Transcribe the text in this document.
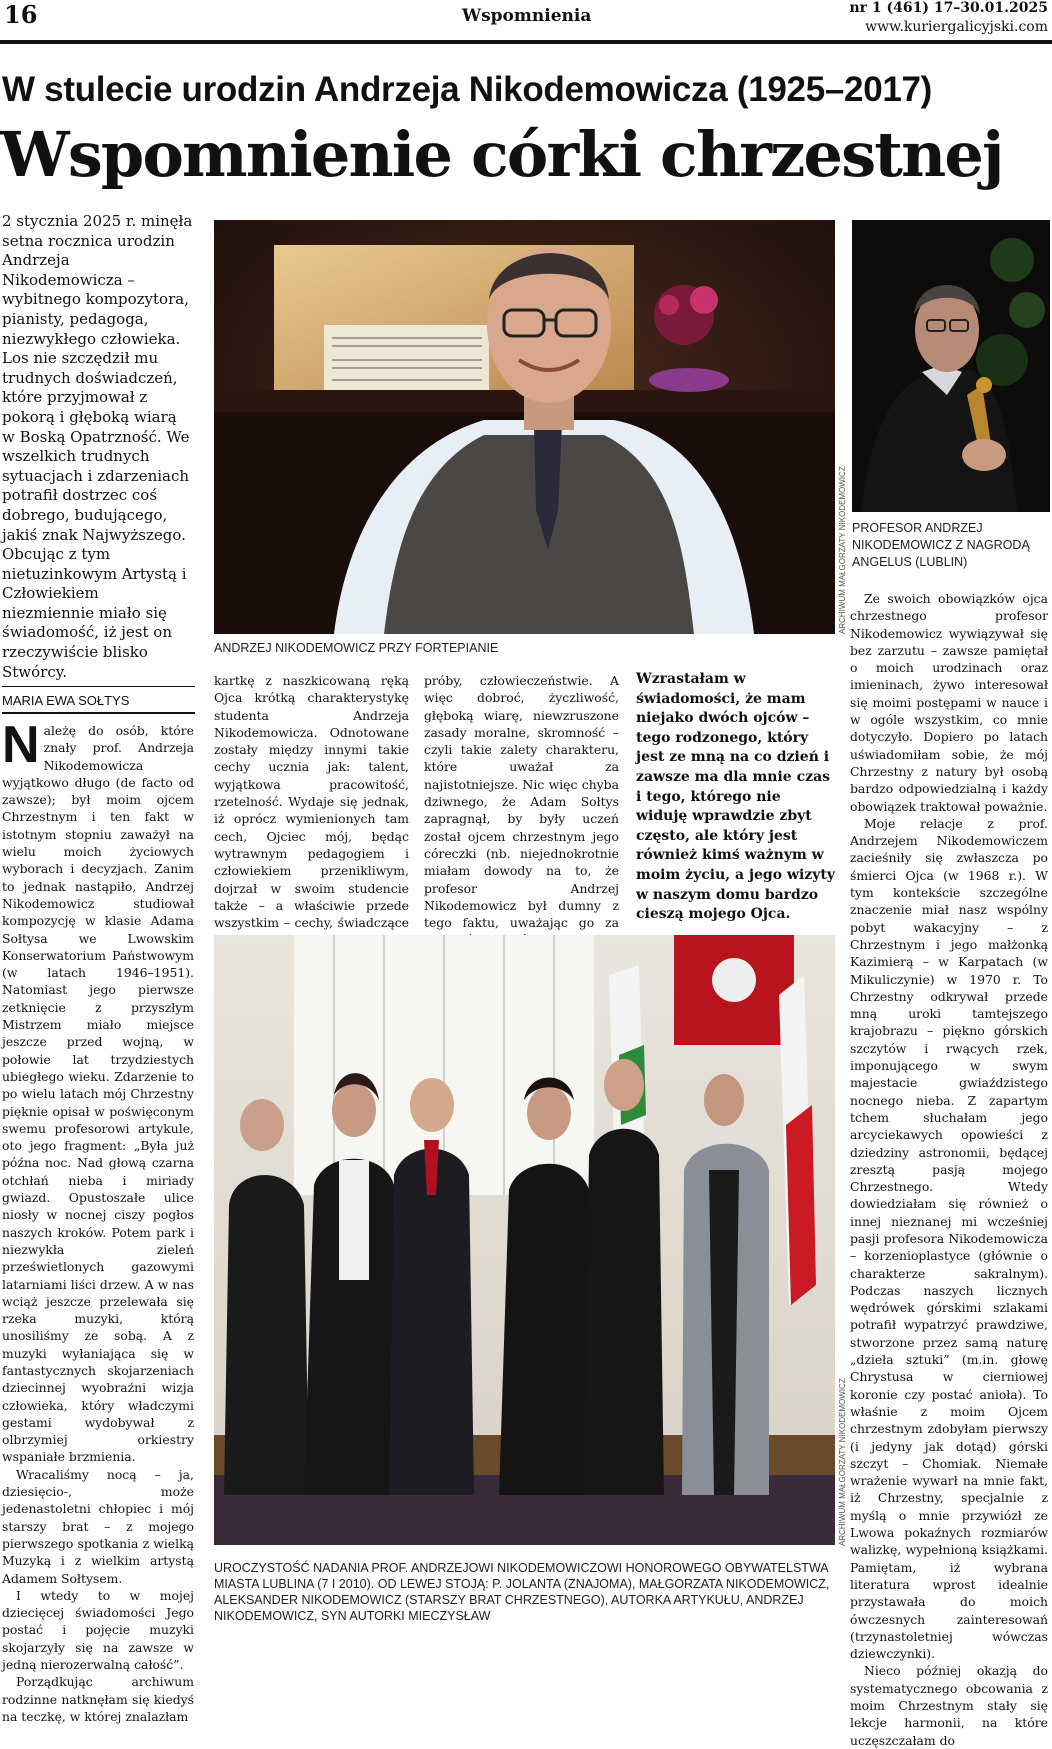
16	Wspomnienia	nr 1 (461) 17–30.01.2025
www.kuriergalicyjski.com
W stulecie urodzin Andrzeja Nikodemowicza (1925–2017)
Wspomnienie córki chrzestnej
2 stycznia 2025 r. minęła setna rocznica urodzin Andrzeja Nikodemowicza – wybitnego kompozytora, pianisty, pedagoga, niezwykłego człowieka. Los nie szczędził mu trudnych doświadczeń, które przyjmował z pokorą i głęboką wiarą w Boską Opatrzność. We wszelkich trudnych sytuacjach i zdarzeniach potrafił dostrzec coś dobrego, budującego, jakiś znak Najwyższego. Obcując z tym nietuzinkowym Artystą i Człowiekiem niezmiennie miało się świadomość, iż jest on rzeczywiście blisko Stwórcy.
MARIA EWA SOŁTYS

Należę do osób, które znały prof. Andrzeja Nikodemowicza wyjątkowo długo (de facto od zawsze); był moim ojcem Chrzestnym i ten fakt w istotnym stopniu zaważył na wielu moich życiowych wyborach i decyzjach. Zanim to jednak nastąpiło, Andrzej Nikodemowicz studiował kompozycję w klasie Adama Sołtysa we Lwowskim Konserwatorium Państwowym (w latach 1946–1951). Natomiast jego pierwsze zetknięcie z przyszłym Mistrzem miało miejsce jeszcze przed wojną, w połowie lat trzydziestych ubiegłego wieku. Zdarzenie to po wielu latach mój Chrzestny pięknie opisał w poświęconym swemu profesorowi artykule, oto jego fragment: „Była już późna noc. Nad głową czarna otchłań nieba i miriady gwiazd. Opustoszałe ulice niosły w nocnej ciszy pogłos naszych kroków. Potem park i niezwykła zieleń prześwietlonych gazowymi latarniami liści drzew. A w nas wciąż jeszcze przelewała się rzeka muzyki, którą unosiliśmy ze sobą. A z muzyki wyłaniająca się w fantastycznych skojarzeniach dziecinnej wyobraźni wizja człowieka, który władczymi gestami wydobywał z olbrzymiej orkiestry wspaniałe brzmienia.

Wracaliśmy nocą – ja, dziesięcio-, może jedenastoletni chłopiec i mój starszy brat – z mojego pierwszego spotkania z wielką Muzyką i z wielkim artystą Adamem Sołtysem.

I wtedy to w mojej dziecięcej świadomości Jego postać i pojęcie muzyki skojarzyły się na zawsze w jedną nierozerwalną całość”.

Porządkując archiwum rodzinne natknęłam się kiedyś na teczkę, w której znalazłam

ANDRZEJ NIKODEMOWICZ PRZY FORTEPIANIE
ARCHIWUM MAŁGORZATY NIKODEMOWICZ PROFESOR ANDRZEJ NIKODEMOWICZ Z NAGRODĄ ANGELUS (LUBLIN)

kartkę z naszkicowaną ręką Ojca krótką charakterystykę studenta Andrzeja Nikodemowicza. Odnotowane zostały między innymi takie cechy ucznia jak: talent, wyjątkowa pracowitość, rzetelność. Wydaje się jednak, iż oprócz wymienionych tam cech, Ojciec mój, będąc wytrawnym pedagogiem i człowiekiem przenikliwym, dojrzał w swoim studencie także – a właściwie przede wszystkim – cechy, świadczące

próby, człowieczeństwie. A więc dobroć, życzliwość, głęboką wiarę, niewzruszone zasady moralne, skromność – czyli takie zalety charakteru, które uważał za najistotniejsze. Nic więc chyba dziwnego, że Adam Sołtys zapragnął, by były uczeń został ojcem chrzestnym jego córeczki (nb. niejednokrotnie miałam dowody na to, że profesor Andrzej Nikodemowicz był dumny z tego faktu, uważając go za

Wzrastałam w świadomości, że mam niejako dwóch ojców – tego rodzonego, który jest ze mną na co dzień i zawsze ma dla mnie czas i tego, którego nie widuję wprawdzie zbyt często, ale który jest również kimś ważnym w moim życiu, a jego wizyty w naszym domu bardzo cieszą mojego Ojca.

Ze swoich obowiązków ojca chrzestnego profesor Nikodemowicz wywiązywał się bez zarzutu – zawsze pamiętał o moich urodzinach oraz imieninach, żywo interesował się moimi postępami w nauce i w ogóle wszystkim, co mnie dotyczyło. Dopiero po latach uświadomiłam sobie, że mój Chrzestny z natury był osobą bardzo odpowiedzialną i każdy obowiązek traktował poważnie.

Moje relacje z prof. Andrzejem Nikodemowiczem zacieśniły się zwłaszcza po śmierci Ojca (w 1968 r.). W tym kontekście szczególne znaczenie miał nasz wspólny pobyt wakacyjny – z Chrzestnym i jego małżonką Kazimierą – w Karpatach (w Mikuliczynie) w 1970 r. To Chrzestny odkrywał przede mną uroki tamtejszego krajobrazu – piękno górskich szczytów i rwących rzek, imponującego w swym majestacie gwiaździstego nocnego nieba. Z zapartym tchem słuchałam jego arcyciekawych opowieści z dziedziny astronomii, będącej zresztą pasją mojego Chrzestnego. Wtedy dowiedziałam się również o innej nieznanej mi wcześniej pasji profesora Nikodemowicza – korzenioplastyce (głównie o charakterze sakralnym). Podczas naszych licznych wędrówek górskimi szlakami potrafił wypatrzyć prawdziwe, stworzone przez samą naturę „dzieła sztuki” (m.in. głowę Chrystusa w cierniowej koronie czy postać anioła). To właśnie z moim Ojcem chrzestnym zdobyłam pierwszy (i jedyny jak dotąd) górski szczyt – Chomiak. Niemałe wrażenie wywarł na mnie fakt, iż Chrzestny, specjalnie z myślą o mnie przywiózł ze Lwowa pokaźnych rozmiarów walizkę, wypełnioną książkami. Pamiętam, iż wybrana literatura wprost idealnie przystawała do moich ówczesnych zainteresowań (trzynastoletniej wówczas dziewczynki).

Nieco później okazją do systematycznego obcowania z moim Chrzestnym stały się lekcje harmonii, na które uczęszczałam do

UROCZYSTOŚĆ NADANIA PROF. ANDRZEJOWI NIKODEMOWICZOWI HONOROWEGO OBYWATELSTWA MIASTA LUBLINA (7 I 2010). OD LEWEJ STOJĄ: P. JOLANTA (ZNAJOMA), MAŁGORZATA NIKODEMOWICZ, ALEKSANDER NIKODEMOWICZ (STARSZY BRAT CHRZESTNEGO), AUTORKA ARTYKUŁU, ANDRZEJ NIKODEMOWICZ, SYN AUTORKI MIECZYSŁAW
ARCHIWUM MAŁGORZATY NIKODEMOWICZ
